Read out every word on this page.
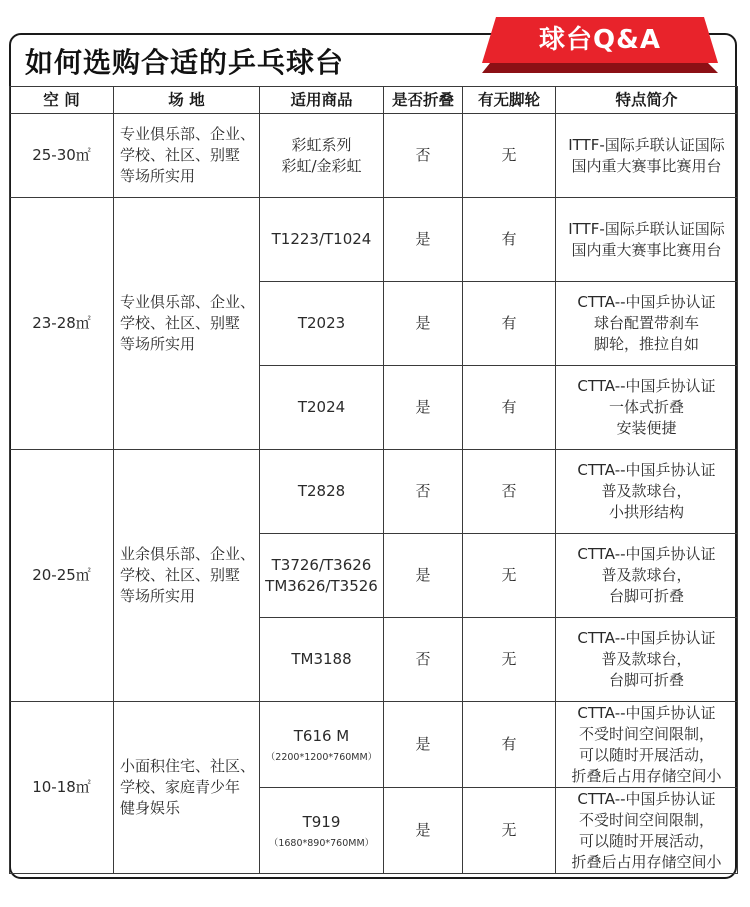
如何选购合适的乒乓球台
球台Q&A
空 间	场 地	适用商品	是否折叠	有无脚轮	特点简介
25-30㎡	专业俱乐部、企业、
学校、社区、别墅
等场所实用	彩虹系列
彩虹/金彩虹	否	无	ITTF-国际乒联认证国际
国内重大赛事比赛用台
23-28㎡	专业俱乐部、企业、
学校、社区、别墅
等场所实用	T1223/T1024	是	有	ITTF-国际乒联认证国际
国内重大赛事比赛用台
		T2023	是	有	CTTA--中国乒协认证
球台配置带刹车
脚轮，推拉自如
		T2024	是	有	CTTA--中国乒协认证
一体式折叠
安装便捷
20-25㎡	业余俱乐部、企业、
学校、社区、别墅
等场所实用	T2828	否	否	CTTA--中国乒协认证
普及款球台，
小拱形结构
		T3726/T3626
TM3626/T3526	是	无	CTTA--中国乒协认证
普及款球台，
台脚可折叠
		TM3188	否	无	CTTA--中国乒协认证
普及款球台，
台脚可折叠
10-18㎡	小面积住宅、社区、
学校、家庭青少年
健身娱乐	T616 M
（2200*1200*760MM）	是	有	CTTA--中国乒协认证
不受时间空间限制，
可以随时开展活动，
折叠后占用存储空间小
		T919
（1680*890*760MM）	是	无	CTTA--中国乒协认证
不受时间空间限制，
可以随时开展活动，
折叠后占用存储空间小
